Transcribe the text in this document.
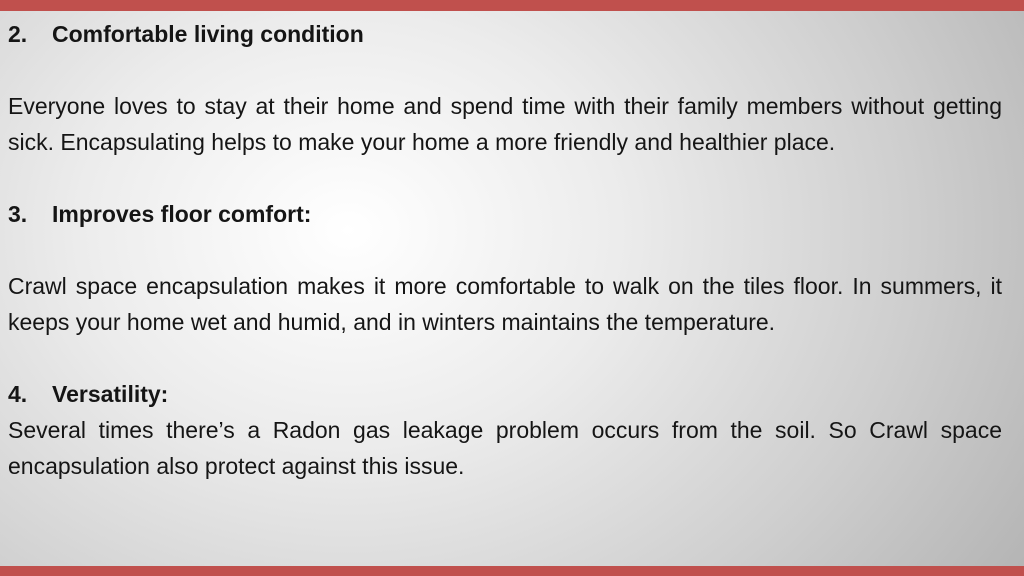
2. Comfortable living condition

Everyone loves to stay at their home and spend time with their family members without getting sick. Encapsulating helps to make your home a more friendly and healthier place.

3. Improves floor comfort:

Crawl space encapsulation makes it more comfortable to walk on the tiles floor. In summers, it keeps your home wet and humid, and in winters maintains the temperature.

4. Versatility:

Several times there’s a Radon gas leakage problem occurs from the soil. So Crawl space encapsulation also protect against this issue.
